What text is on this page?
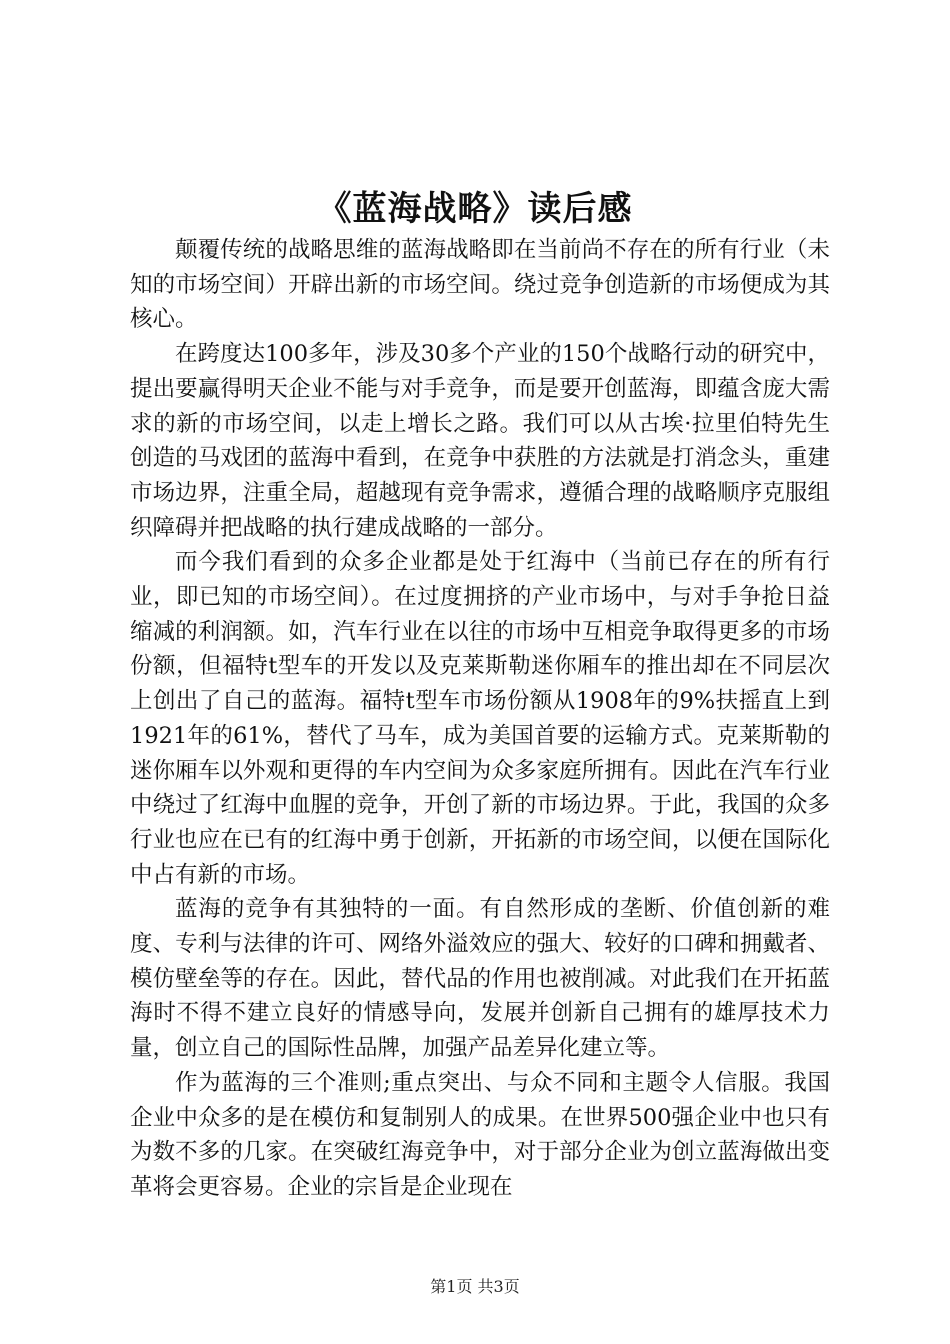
《蓝海战略》读后感

颠覆传统的战略思维的蓝海战略即在当前尚不存在的所有行业（未知的市场空间）开辟出新的市场空间。绕过竞争创造新的市场便成为其核心。

在跨度达100多年，涉及30多个产业的150个战略行动的研究中，提出要赢得明天企业不能与对手竞争，而是要开创蓝海，即蕴含庞大需求的新的市场空间，以走上增长之路。我们可以从古埃·拉里伯特先生创造的马戏团的蓝海中看到，在竞争中获胜的方法就是打消念头，重建市场边界，注重全局，超越现有竞争需求，遵循合理的战略顺序克服组织障碍并把战略的执行建成战略的一部分。

而今我们看到的众多企业都是处于红海中（当前已存在的所有行业，即已知的市场空间）。在过度拥挤的产业市场中，与对手争抢日益缩减的利润额。如，汽车行业在以往的市场中互相竞争取得更多的市场份额，但福特t型车的开发以及克莱斯勒迷你厢车的推出却在不同层次上创出了自己的蓝海。福特t型车市场份额从1908年的9%扶摇直上到1921年的61%，替代了马车，成为美国首要的运输方式。克莱斯勒的迷你厢车以外观和更得的车内空间为众多家庭所拥有。因此在汽车行业中绕过了红海中血腥的竞争，开创了新的市场边界。于此，我国的众多行业也应在已有的红海中勇于创新，开拓新的市场空间，以便在国际化中占有新的市场。

蓝海的竞争有其独特的一面。有自然形成的垄断、价值创新的难度、专利与法律的许可、网络外溢效应的强大、较好的口碑和拥戴者、模仿壁垒等的存在。因此，替代品的作用也被削减。对此我们在开拓蓝海时不得不建立良好的情感导向，发展并创新自己拥有的雄厚技术力量，创立自己的国际性品牌，加强产品差异化建立等。

作为蓝海的三个准则;重点突出、与众不同和主题令人信服。我国企业中众多的是在模仿和复制别人的成果。在世界500强企业中也只有为数不多的几家。在突破红海竞争中，对于部分企业为创立蓝海做出变革将会更容易。企业的宗旨是企业现在

第1页 共3页
